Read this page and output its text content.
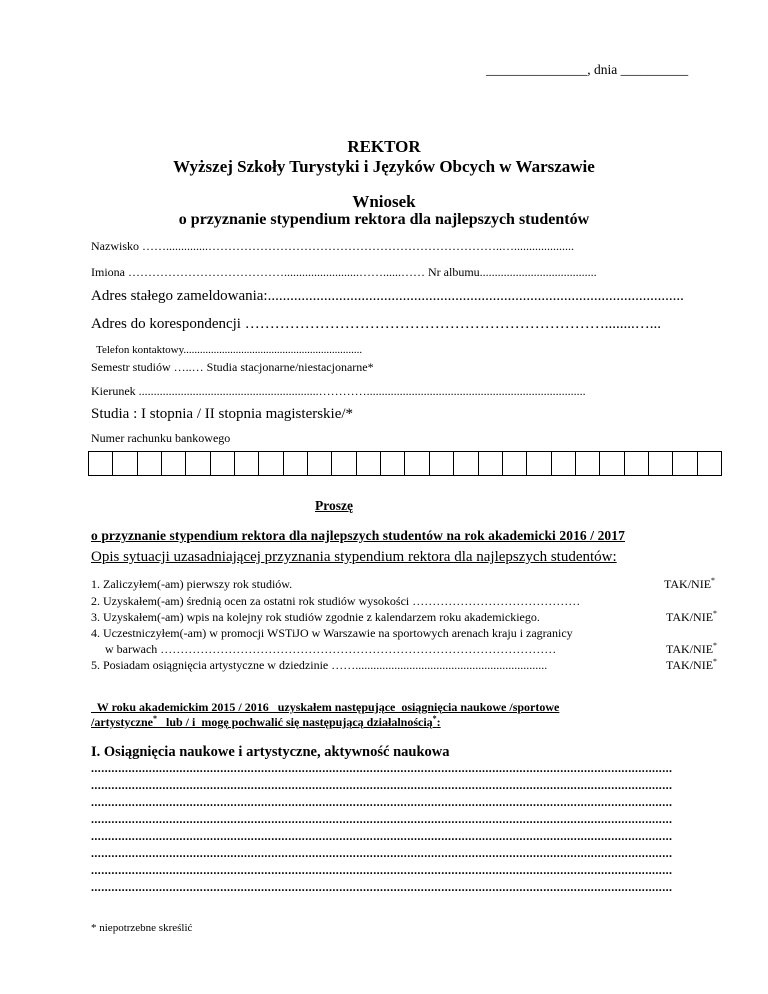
_______________, dnia __________
REKTOR
Wyższej Szkoły Turystyki i Języków Obcych w Warszawie
Wniosek
o przyznanie stypendium rektora dla najlepszych studentów
Nazwisko ……..............………………………………………………………………..…....................
Imiona ………………………………….........................……......…… Nr albumu.......................................
Adres stałego zameldowania:...............................................................................................................
Adres do korespondencji ………………………………………………………………........…...
Telefon kontaktowy.................................................................
Semestr studiów …..… Studia stacjonarne/niestacjonarne*
Kierunek ............................................................………….........................................................................
Studia : I stopnia / II stopnia magisterskie/*
Numer rachunku bankowego
Proszę
o przyznanie stypendium rektora dla najlepszych studentów na rok akademicki 2016 / 2017
Opis sytuacji uzasadniającej przyznania stypendium rektora dla najlepszych studentów:
1. Zaliczyłem(-am) pierwszy rok studiów.	TAK/NIE*
2. Uzyskałem(-am) średnią ocen za ostatni rok studiów wysokości ……………………………………
3. Uzyskałem(-am) wpis na kolejny rok studiów zgodnie z kalendarzem roku akademickiego.	TAK/NIE*
4. Uczestniczyłem(-am) w promocji WSTiJO w Warszawie na sportowych arenach kraju i zagranicy
w barwach ………………………………………………………………………………………	TAK/NIE*
5. Posiadam osiągnięcia artystyczne w dziedzinie ……................................................................	TAK/NIE*
W roku akademickim 2015 / 2016   uzyskałem następujące  osiągnięcia naukowe /sportowe
/artystyczne*   lub / i  mogę pochwalić się następującą działalnością*:
I. Osiągnięcia naukowe i artystyczne, aktywność naukowa
...........................................................................................................................................................................
...........................................................................................................................................................................
...........................................................................................................................................................................
...........................................................................................................................................................................
...........................................................................................................................................................................
...........................................................................................................................................................................
...........................................................................................................................................................................
...........................................................................................................................................................................
* niepotrzebne skreślić
